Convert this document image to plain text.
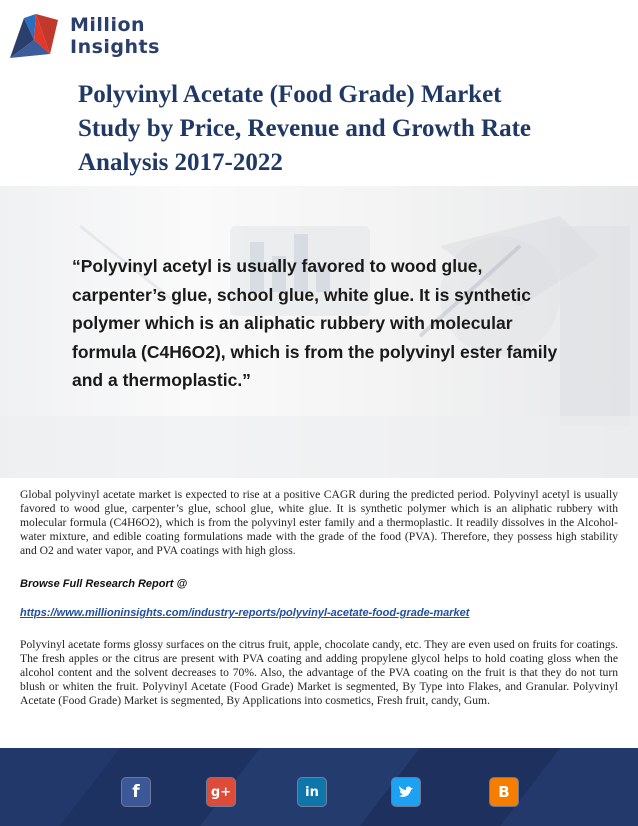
Million
Insights
Polyvinyl Acetate (Food Grade) Market Study by Price, Revenue and Growth Rate Analysis 2017-2022

“Polyvinyl acetyl is usually favored to wood glue, carpenter’s glue, school glue, white glue. It is synthetic polymer which is an aliphatic rubbery with molecular formula (C4H6O2), which is from the polyvinyl ester family and a thermoplastic.”

Global polyvinyl acetate market is expected to rise at a positive CAGR during the predicted period. Polyvinyl acetyl is usually favored to wood glue, carpenter’s glue, school glue, white glue. It is synthetic polymer which is an aliphatic rubbery with molecular formula (C4H6O2), which is from the polyvinyl ester family and a thermoplastic. It readily dissolves in the Alcohol-water mixture, and edible coating formulations made with the grade of the food (PVA). Therefore, they possess high stability and O2 and water vapor, and PVA coatings with high gloss.

Browse Full Research Report @

https://www.millioninsights.com/industry-reports/polyvinyl-acetate-food-grade-market

Polyvinyl acetate forms glossy surfaces on the citrus fruit, apple, chocolate candy, etc. They are even used on fruits for coatings. The fresh apples or the citrus are present with PVA coating and adding propylene glycol helps to hold coating gloss when the alcohol content and the solvent decreases to 70%. Also, the advantage of the PVA coating on the fruit is that they do not turn blush or whiten the fruit. Polyvinyl Acetate (Food Grade) Market is segmented, By Type into Flakes, and Granular. Polyvinyl Acetate (Food Grade) Market is segmented, By Applications into cosmetics, Fresh fruit, candy, Gum.

f	g+	in	B
